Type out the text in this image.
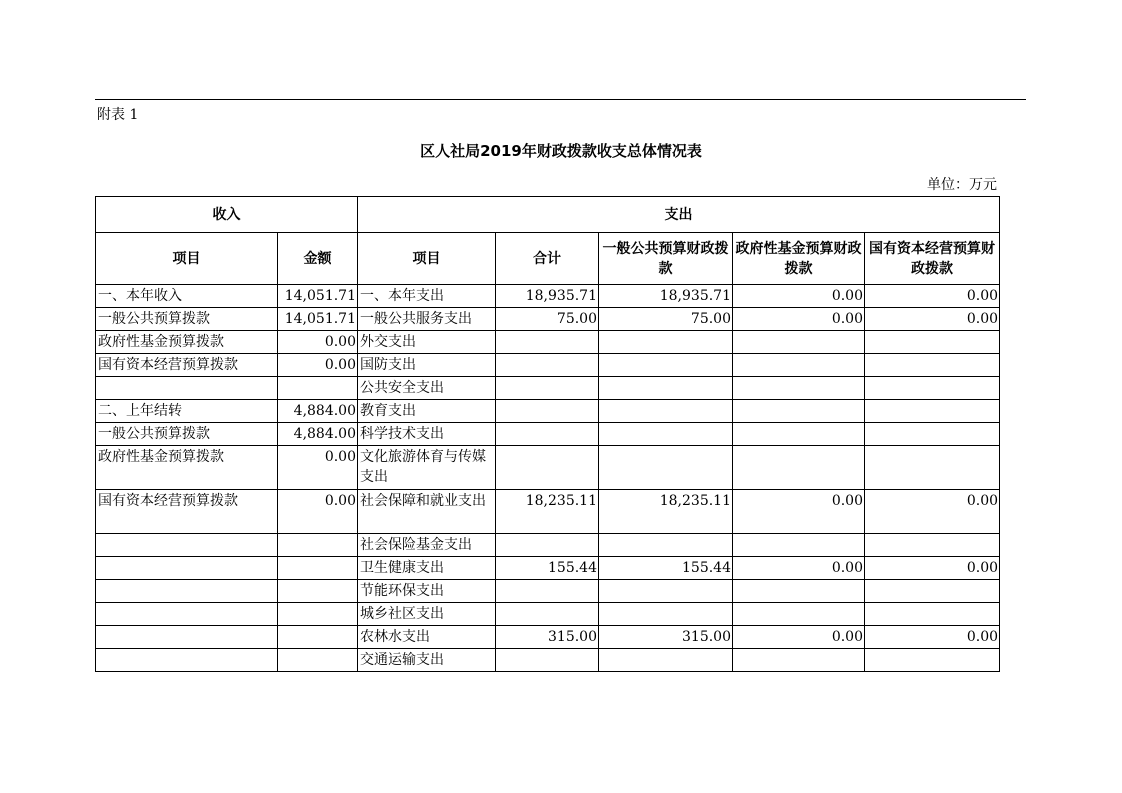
附表 1
区人社局2019年财政拨款收支总体情况表
单位：万元
收入		支出				
项目	金额	项目	合计	一般公共预算财政拨款	政府性基金预算财政拨款	国有资本经营预算财政拨款
一、本年收入	14,051.71	一、本年支出	18,935.71	18,935.71	0.00	0.00
一般公共预算拨款	14,051.71	一般公共服务支出	75.00	75.00	0.00	0.00
政府性基金预算拨款	0.00	外交支出				
国有资本经营预算拨款	0.00	国防支出				
		公共安全支出				
二、上年结转	4,884.00	教育支出				
一般公共预算拨款	4,884.00	科学技术支出				
政府性基金预算拨款	0.00	文化旅游体育与传媒支出				
国有资本经营预算拨款	0.00	社会保障和就业支出	18,235.11	18,235.11	0.00	0.00
		社会保险基金支出				
		卫生健康支出	155.44	155.44	0.00	0.00
		节能环保支出				
		城乡社区支出				
		农林水支出	315.00	315.00	0.00	0.00
		交通运输支出				
